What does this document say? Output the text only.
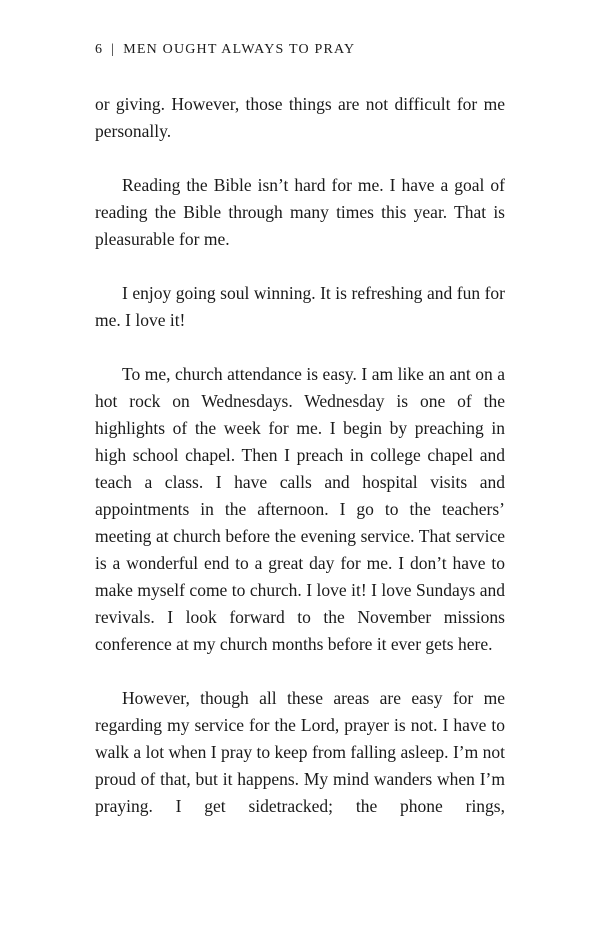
6 | MEN OUGHT ALWAYS TO PRAY

or giving. However, those things are not difficult for me personally.

Reading the Bible isn’t hard for me. I have a goal of reading the Bible through many times this year. That is pleasurable for me.

I enjoy going soul winning. It is refreshing and fun for me. I love it!

To me, church attendance is easy. I am like an ant on a hot rock on Wednesdays. Wednesday is one of the highlights of the week for me. I begin by preaching in high school chapel. Then I preach in college chapel and teach a class. I have calls and hospital visits and appointments in the afternoon. I go to the teachers’ meeting at church before the evening service. That service is a wonderful end to a great day for me. I don’t have to make myself come to church. I love it! I love Sundays and revivals. I look forward to the November missions conference at my church months before it ever gets here.

However, though all these areas are easy for me regarding my service for the Lord, prayer is not. I have to walk a lot when I pray to keep from falling asleep. I’m not proud of that, but it happens. My mind wanders when I’m praying. I get sidetracked; the phone rings,
